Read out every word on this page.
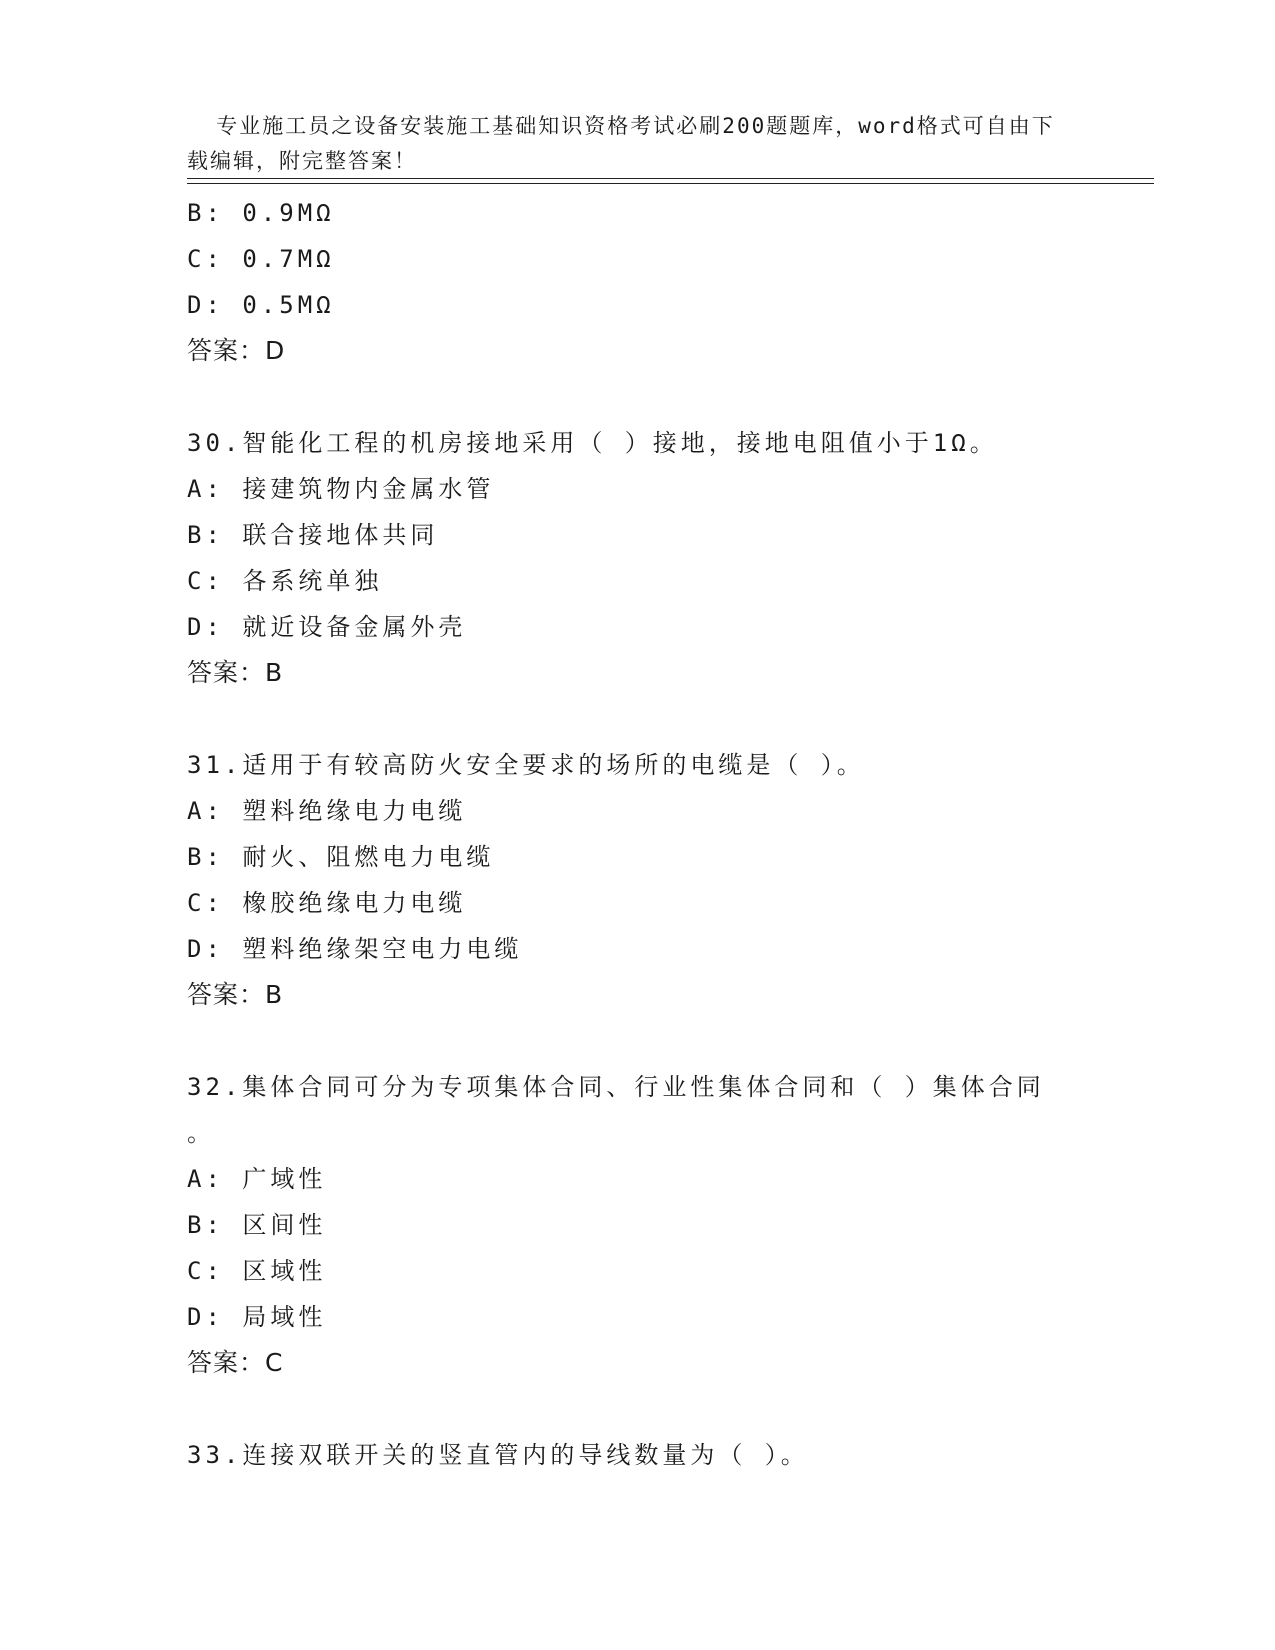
专业施工员之设备安装施工基础知识资格考试必刷200题题库，word格式可自由下载编辑，附完整答案！

B: 0.9MΩ
C: 0.7MΩ
D: 0.5MΩ
答案：D
30.智能化工程的机房接地采用（ ）接地，接地电阻值小于1Ω。
A: 接建筑物内金属水管
B: 联合接地体共同
C: 各系统单独
D: 就近设备金属外壳
答案：B
31.适用于有较高防火安全要求的场所的电缆是（ ）。
A: 塑料绝缘电力电缆
B: 耐火、阻燃电力电缆
C: 橡胶绝缘电力电缆
D: 塑料绝缘架空电力电缆
答案：B
32.集体合同可分为专项集体合同、行业性集体合同和（ ）集体合同
。
A: 广域性
B: 区间性
C: 区域性
D: 局域性
答案：C
33.连接双联开关的竖直管内的导线数量为（ ）。
